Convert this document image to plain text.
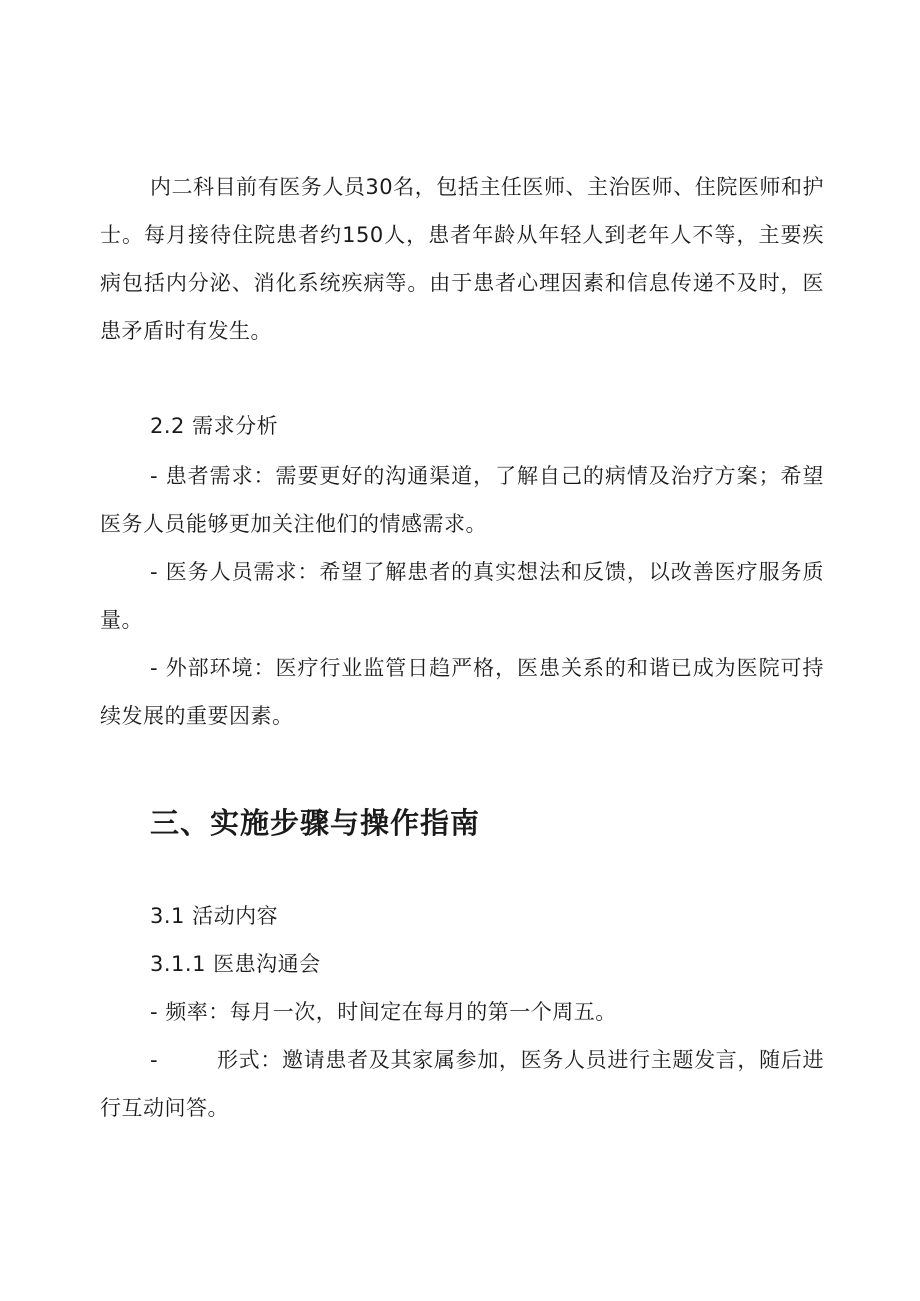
内二科目前有医务人员30名，包括主任医师、主治医师、住院医师和护士。每月接待住院患者约150人，患者年龄从年轻人到老年人不等，主要疾病包括内分泌、消化系统疾病等。由于患者心理因素和信息传递不及时，医患矛盾时有发生。

2.2 需求分析

- 患者需求：需要更好的沟通渠道，了解自己的病情及治疗方案；希望医务人员能够更加关注他们的情感需求。

- 医务人员需求：希望了解患者的真实想法和反馈，以改善医疗服务质量。

- 外部环境：医疗行业监管日趋严格，医患关系的和谐已成为医院可持续发展的重要因素。

三、实施步骤与操作指南

3.1 活动内容

3.1.1 医患沟通会

- 频率：每月一次，时间定在每月的第一个周五。

-        形式：邀请患者及其家属参加，医务人员进行主题发言，随后进行互动问答。
